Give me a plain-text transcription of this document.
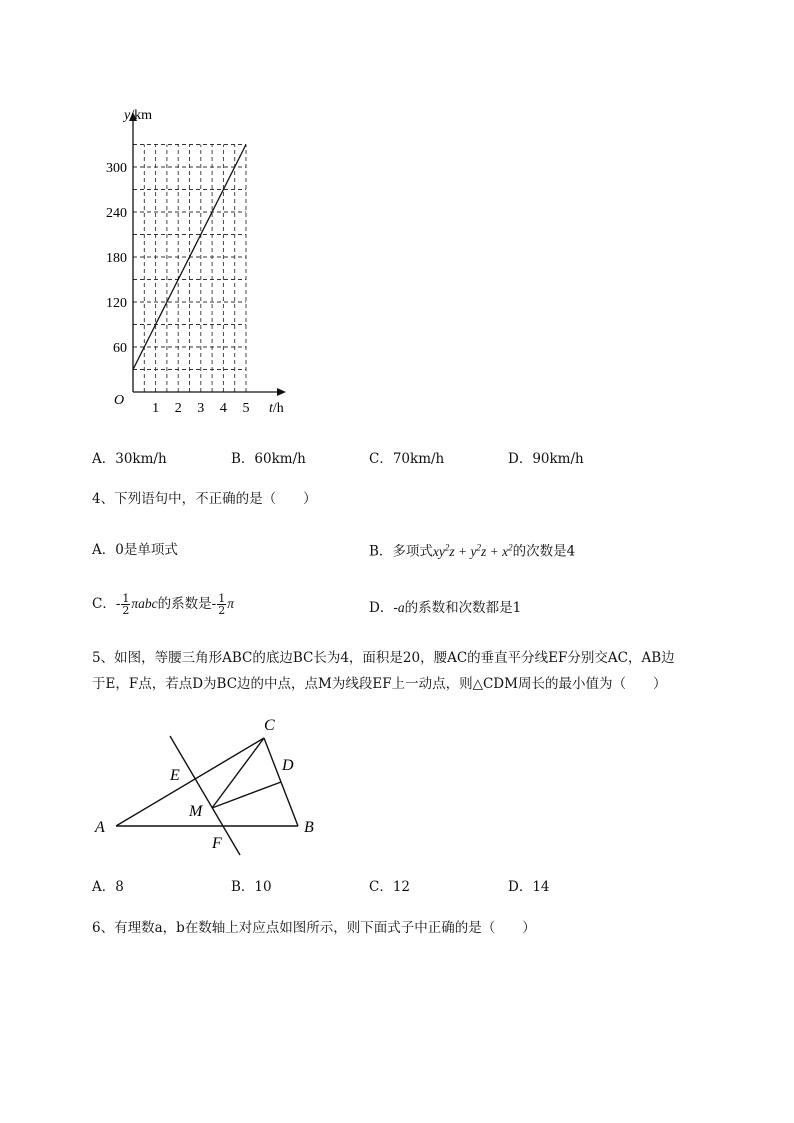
1 2 3 4 5
60
120
180
240
300
O
y/km
t/h
A．30km/h	B．60km/h	C．70km/h	D．90km/h
4、下列语句中，不正确的是（　　）
A．0是单项式	B．多项式$xy^2z + y^2z + x^2$的次数是4
C．- $\frac{1}{2}$ πabc的系数是- $\frac{1}{2}$ π	D．-a的系数和次数都是1
5、如图，等腰三角形ABC的底边BC长为4，面积是20，腰AC的垂直平分线EF分别交AC，AB边
于E，F点，若点D为BC边的中点，点M为线段EF上一动点，则△CDM周长的最小值为（　　）
C
D
E
M
A	B
F
A．8	B．10	C．12	D．14
6、有理数a，b在数轴上对应点如图所示，则下面式子中正确的是（　　）
